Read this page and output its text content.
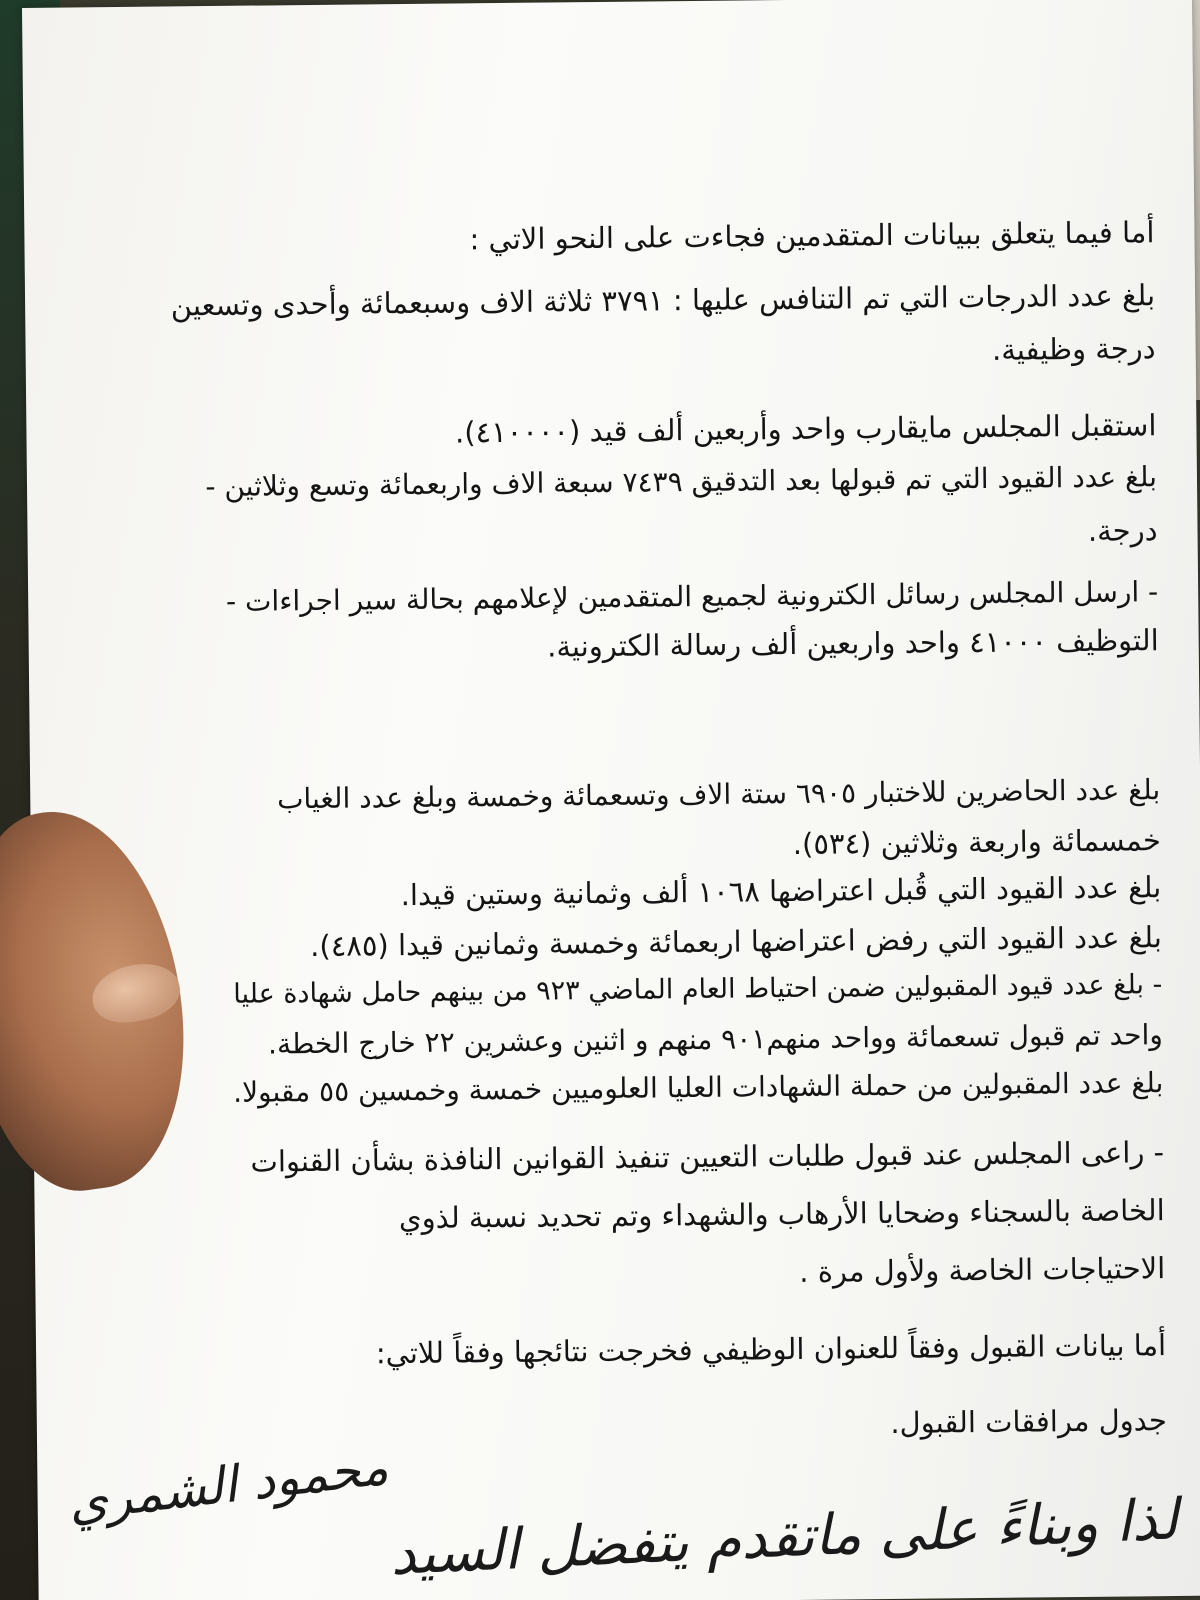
أما فيما يتعلق ببيانات المتقدمين فجاءت على النحو الاتي :
بلغ عدد الدرجات التي تم التنافس عليها : ٣٧٩١ ثلاثة الاف وسبعمائة وأحدى وتسعين
درجة وظيفية.
استقبل المجلس مايقارب واحد وأربعين ألف قيد (٤١٠٠٠٠).
بلغ عدد القيود التي تم قبولها بعد التدقيق ٧٤٣٩ سبعة الاف واربعمائة وتسع وثلاثين -
درجة.
- ارسل المجلس رسائل الكترونية لجميع المتقدمين لإعلامهم بحالة سير اجراءات -
التوظيف ٤١٠٠٠ واحد واربعين ألف رسالة الكترونية.
بلغ عدد الحاضرين للاختبار ٦٩٠٥ ستة الاف وتسعمائة وخمسة وبلغ عدد الغياب
خمسمائة واربعة وثلاثين (٥٣٤).
بلغ عدد القيود التي قُبل اعتراضها ١٠٦٨ ألف وثمانية وستين قيدا.
بلغ عدد القيود التي رفض اعتراضها اربعمائة وخمسة وثمانين قيدا (٤٨٥).
- بلغ عدد قيود المقبولين ضمن احتياط العام الماضي ٩٢٣ من بينهم حامل شهادة عليا
واحد تم قبول تسعمائة وواحد منهم٩٠١ منهم و اثنين وعشرين ٢٢ خارج الخطة.
بلغ عدد المقبولين من حملة الشهادات العليا العلوميين خمسة وخمسين ٥٥ مقبولا.
- راعى المجلس عند قبول طلبات التعيين تنفيذ القوانين النافذة بشأن القنوات
الخاصة بالسجناء وضحايا الأرهاب والشهداء وتم تحديد نسبة لذوي
الاحتياجات الخاصة ولأول مرة .
أما بيانات القبول وفقاً للعنوان الوظيفي فخرجت نتائجها وفقاً للاتي:
جدول مرافقات القبول.
لذا وبناءً على ماتقدم يتفضل السيد
محمود الشمري
